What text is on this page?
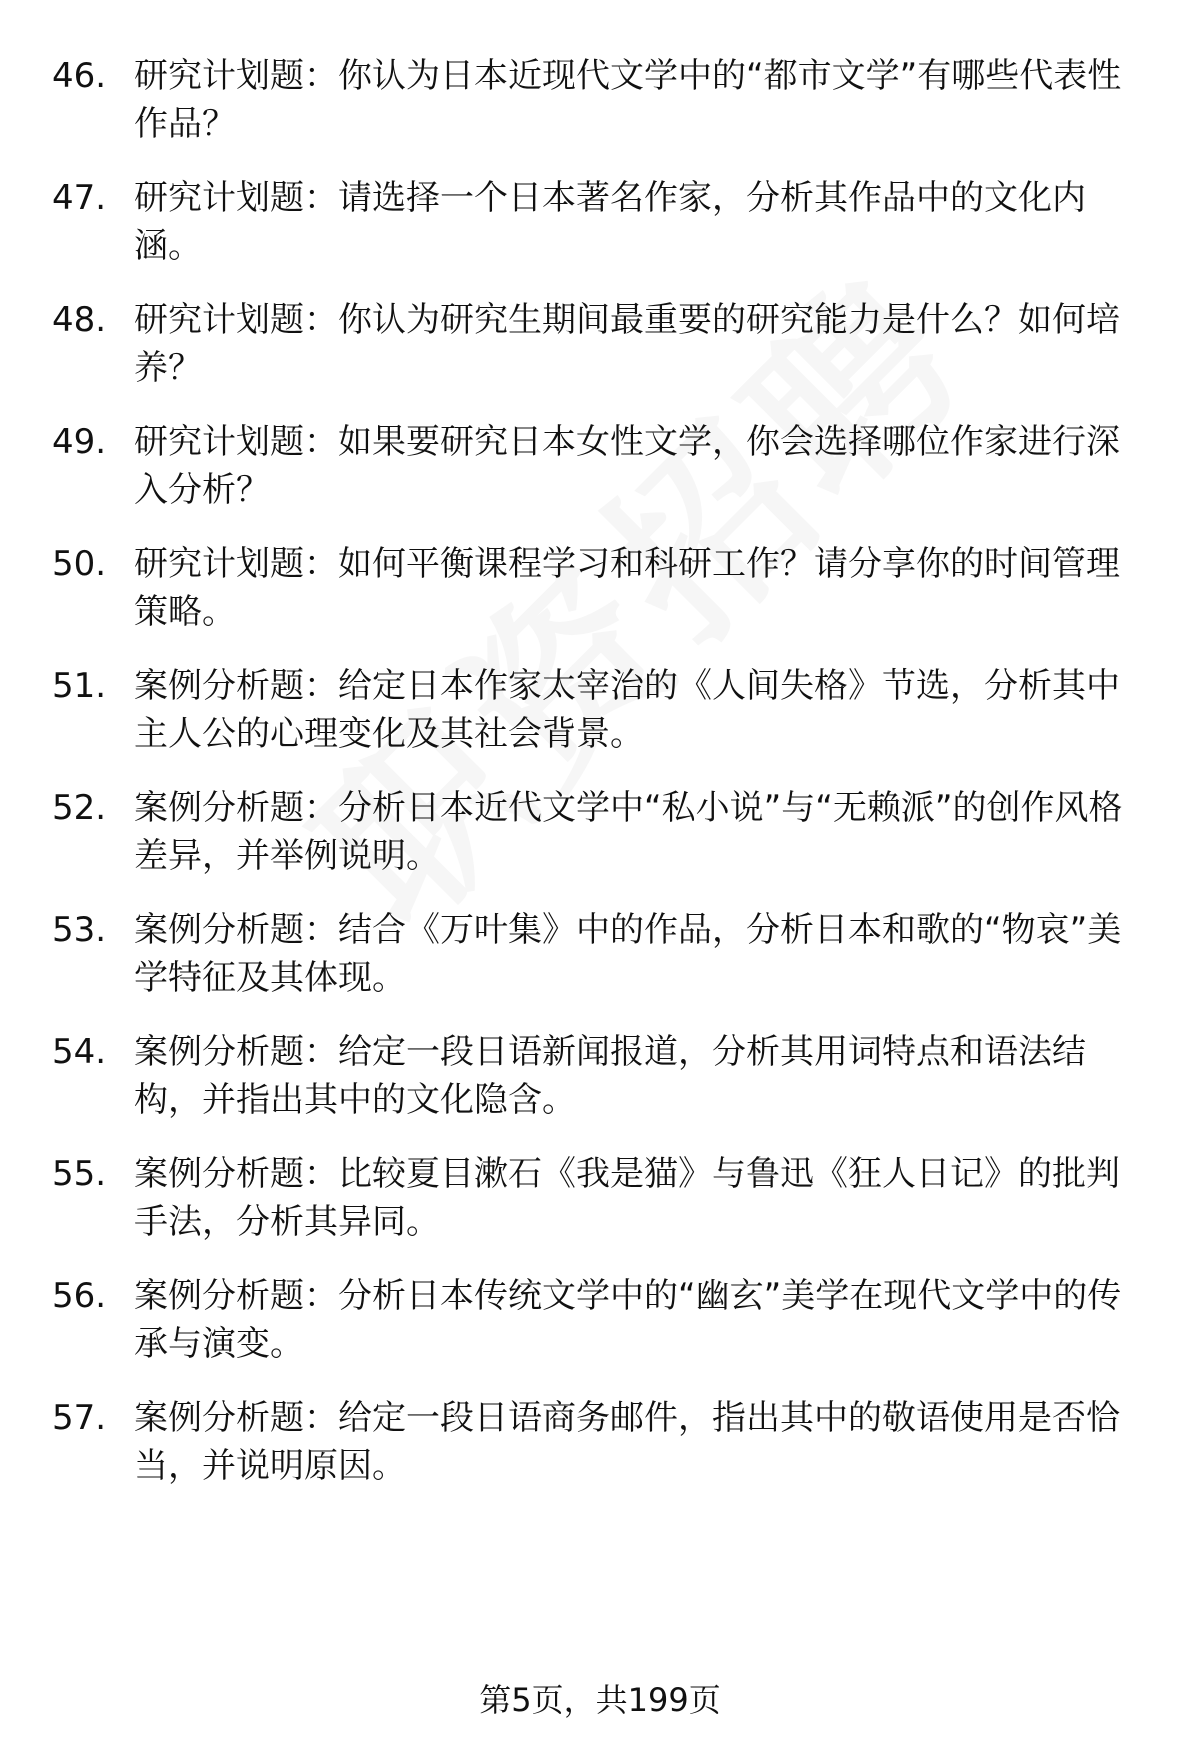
46. 研究计划题：你认为日本近现代文学中的“都市文学”有哪些代表性作品？
47. 研究计划题：请选择一个日本著名作家，分析其作品中的文化内涵。
48. 研究计划题：你认为研究生期间最重要的研究能力是什么？如何培养？
49. 研究计划题：如果要研究日本女性文学，你会选择哪位作家进行深入分析？
50. 研究计划题：如何平衡课程学习和科研工作？请分享你的时间管理策略。
51. 案例分析题：给定日本作家太宰治的《人间失格》节选，分析其中主人公的心理变化及其社会背景。
52. 案例分析题：分析日本近代文学中“私小说”与“无赖派”的创作风格差异，并举例说明。
53. 案例分析题：结合《万叶集》中的作品，分析日本和歌的“物哀”美学特征及其体现。
54. 案例分析题：给定一段日语新闻报道，分析其用词特点和语法结构，并指出其中的文化隐含。
55. 案例分析题：比较夏目漱石《我是猫》与鲁迅《狂人日记》的批判手法，分析其异同。
56. 案例分析题：分析日本传统文学中的“幽玄”美学在现代文学中的传承与演变。
57. 案例分析题：给定一段日语商务邮件，指出其中的敬语使用是否恰当，并说明原因。
第5页，共199页
